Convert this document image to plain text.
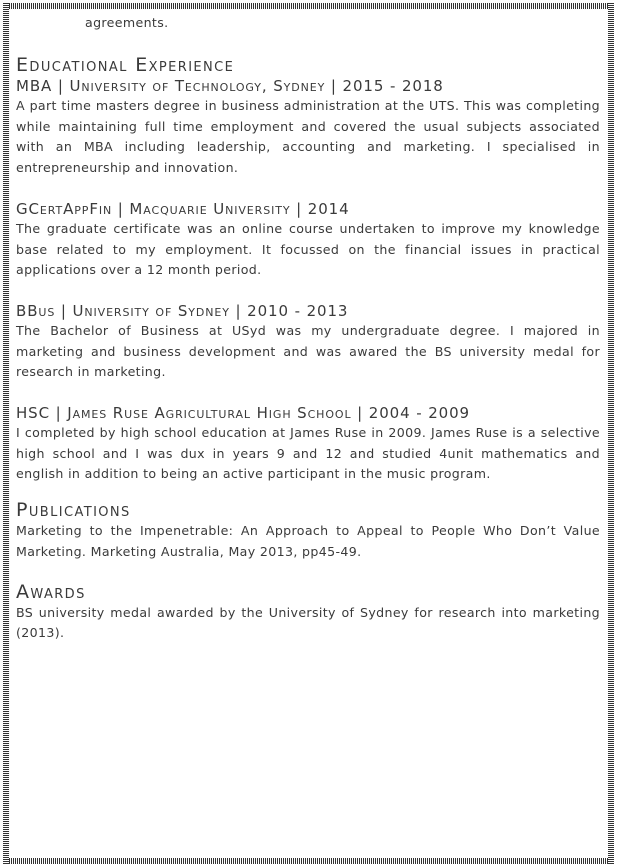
agreements.
Educational Experience
MBA | University of Technology, Sydney | 2015 - 2018

A part time masters degree in business administration at the UTS. This was completing while maintaining full time employment and covered the usual subjects associated with an MBA including leadership, accounting and marketing. I specialised in entrepreneurship and innovation.

GCertAppFin | Macquarie University | 2014

The graduate certificate was an online course undertaken to improve my knowledge base related to my employment. It focussed on the financial issues in practical applications over a 12 month period.

BBus | University of Sydney | 2010 - 2013

The Bachelor of Business at USyd was my undergraduate degree. I majored in marketing and business development and was awared the BS university medal for research in marketing.

HSC | James Ruse Agricultural High School | 2004 - 2009

I completed by high school education at James Ruse in 2009. James Ruse is a selective high school and I was dux in years 9 and 12 and studied 4unit mathematics and english in addition to being an active participant in the music program.

Publications

Marketing to the Impenetrable: An Approach to Appeal to People Who Don’t Value Marketing. Marketing Australia, May 2013, pp45-49.

Awards

BS university medal awarded by the University of Sydney for research into marketing (2013).
